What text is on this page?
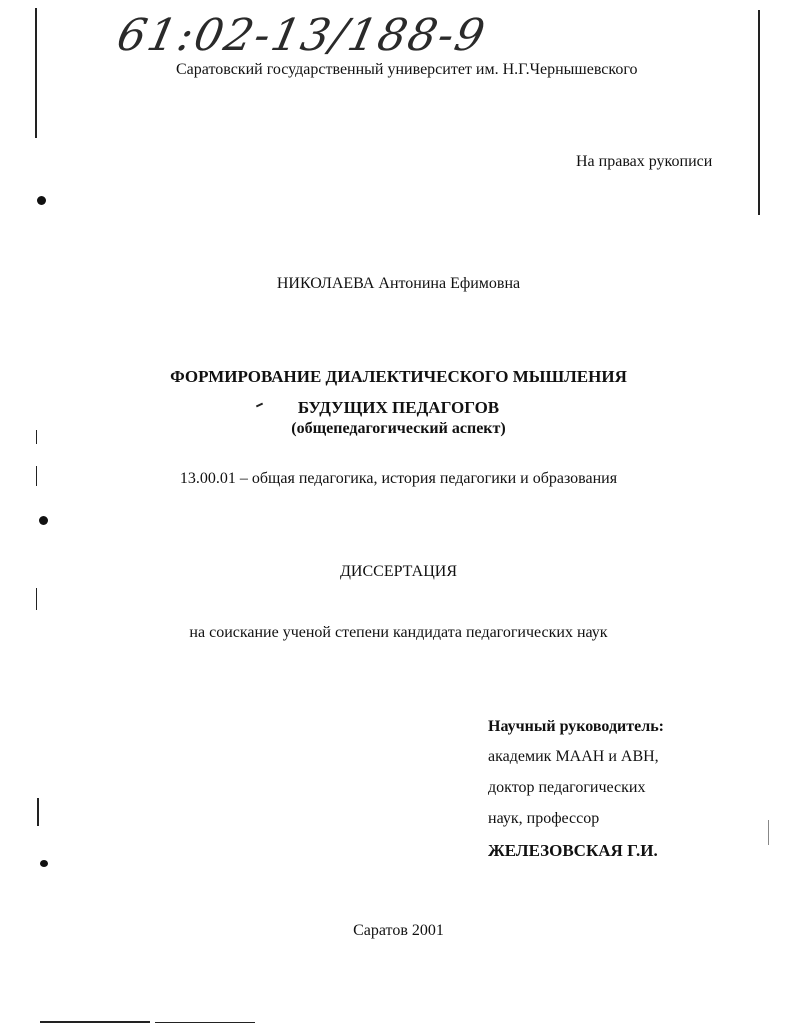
61:02-13/188-9
Саратовский государственный университет им. Н.Г.Чернышевского
На правах рукописи
НИКОЛАЕВА Антонина Ефимовна
ФОРМИРОВАНИЕ ДИАЛЕКТИЧЕСКОГО МЫШЛЕНИЯ
БУДУЩИХ ПЕДАГОГОВ
(общепедагогический аспект)
13.00.01 – общая педагогика, история педагогики и образования
ДИССЕРТАЦИЯ
на соискание ученой степени кандидата педагогических наук
Научный руководитель:
академик МААН и АВН,
доктор педагогических
наук, профессор
ЖЕЛЕЗОВСКАЯ Г.И.
Саратов 2001
